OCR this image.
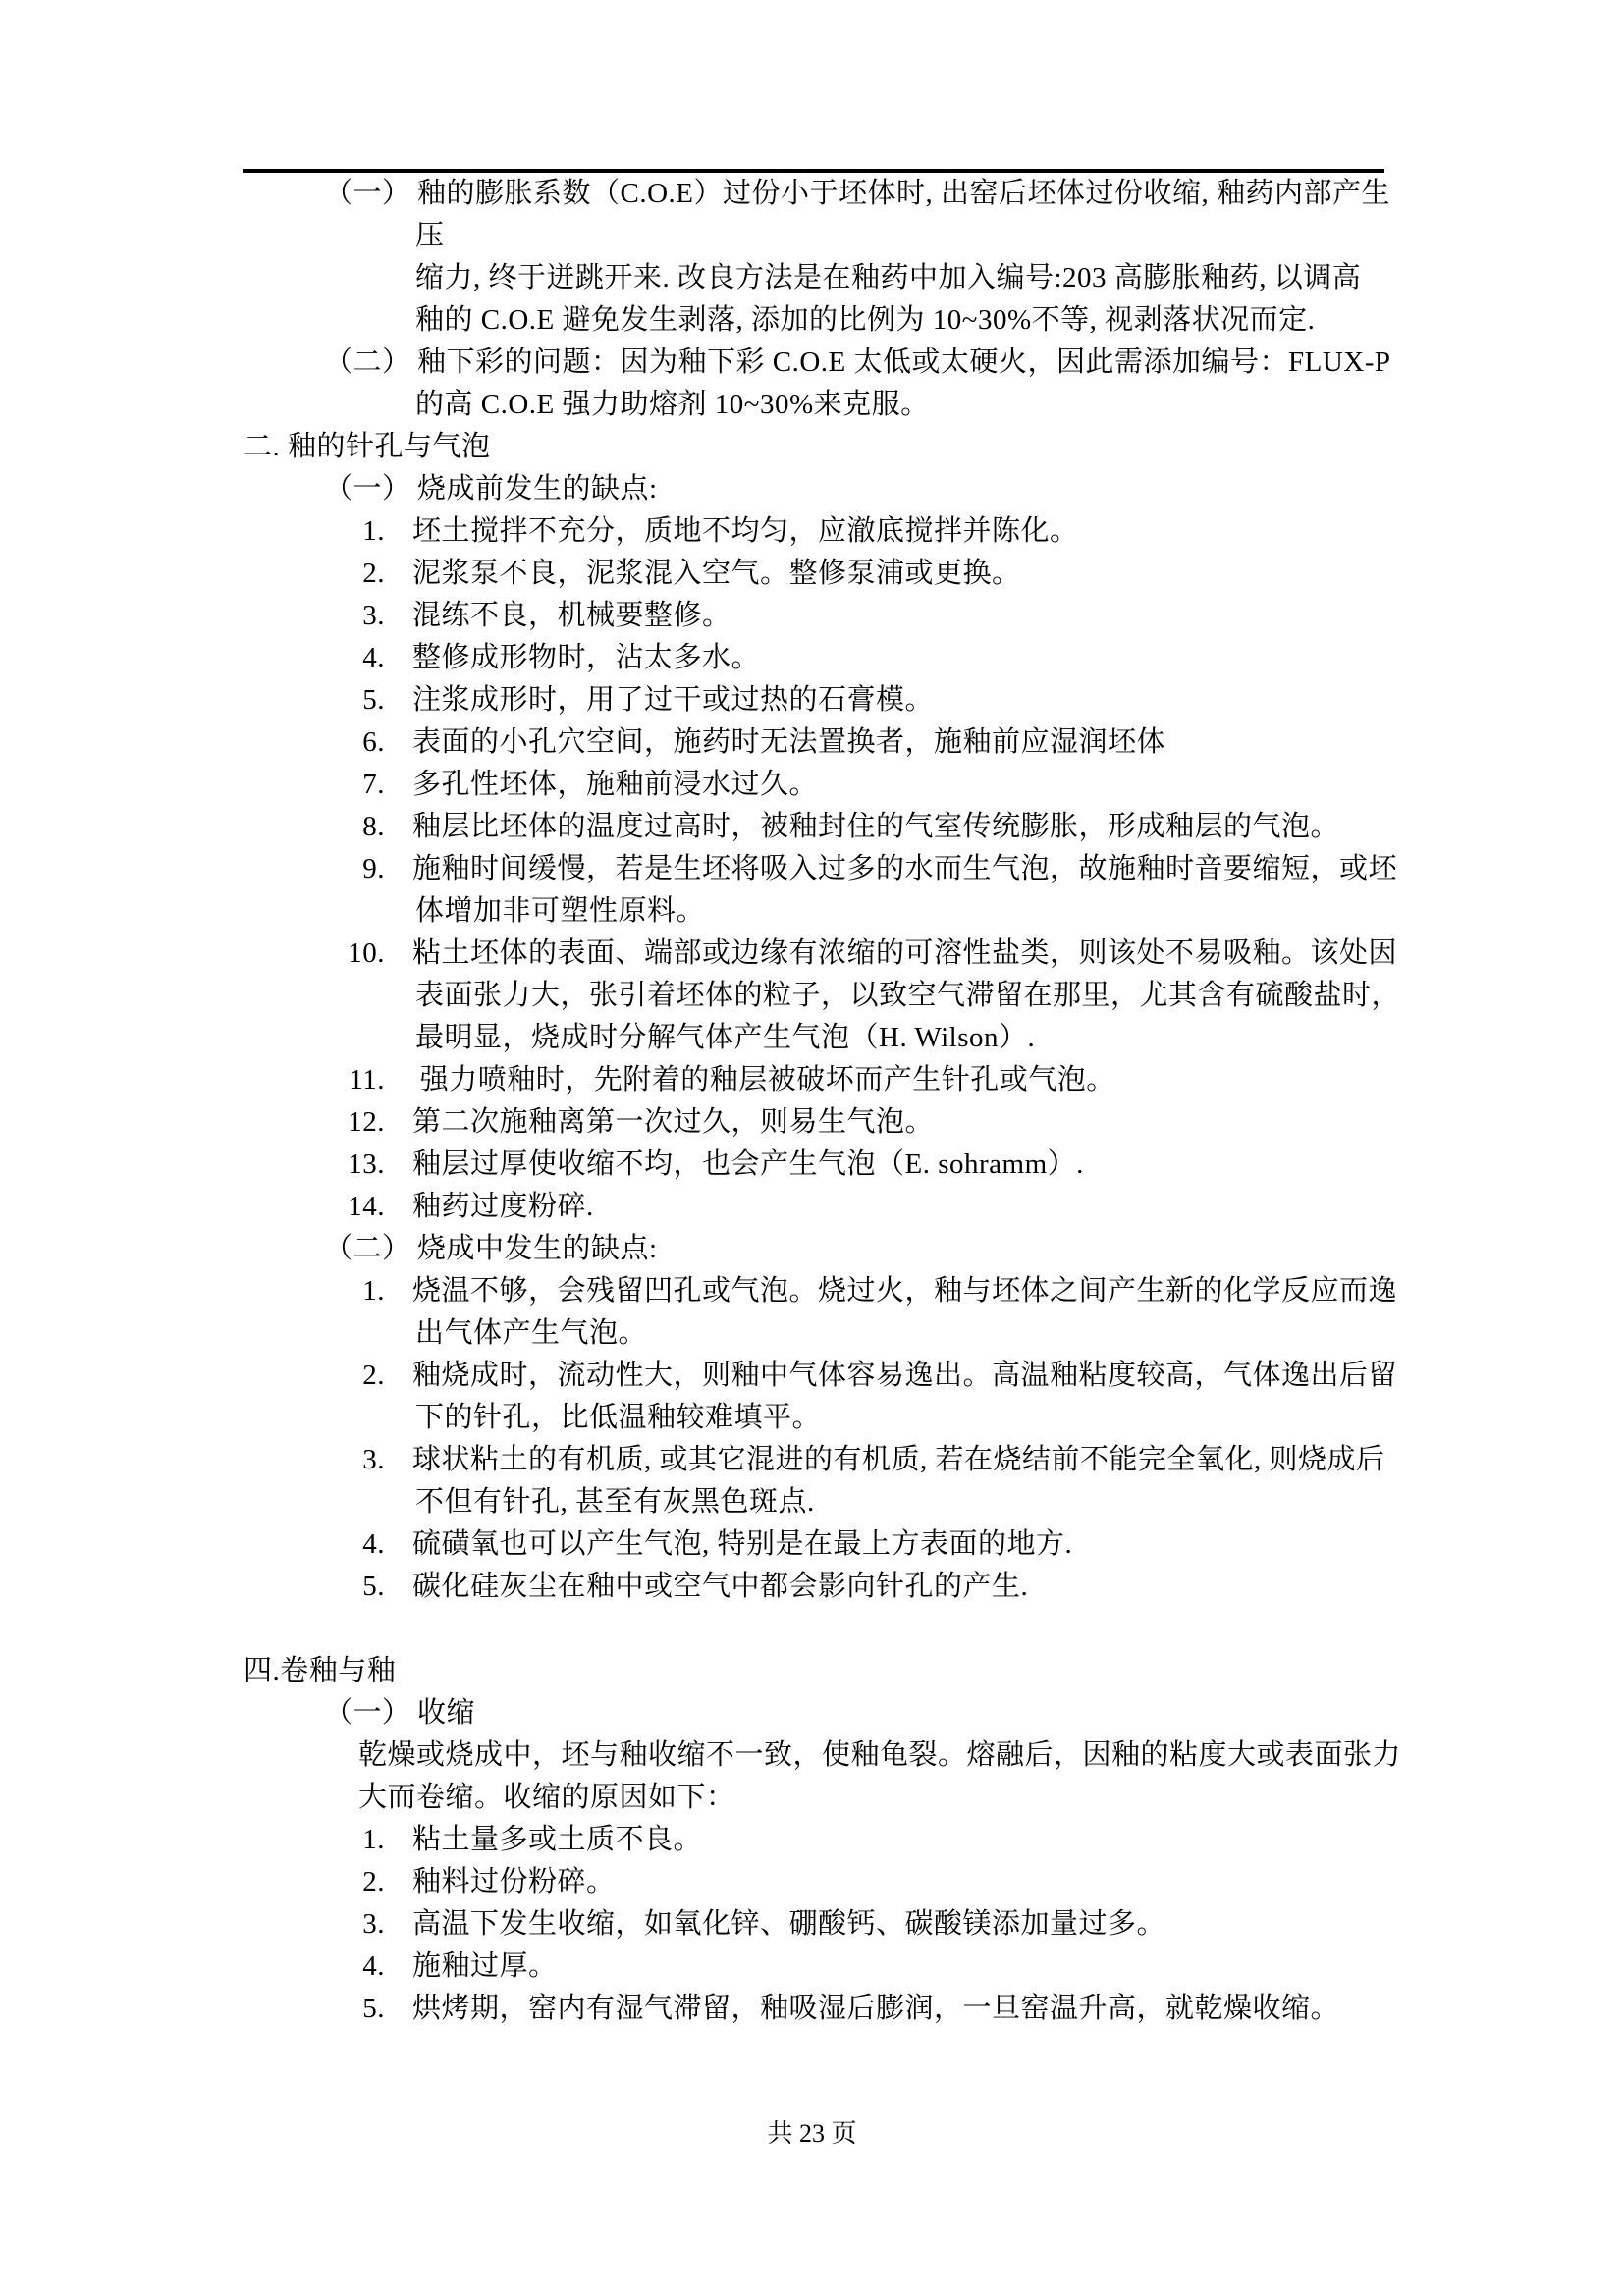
（一） 釉的膨胀系数（C.O.E）过份小于坯体时, 出窑后坯体过份收缩, 釉药内部产生
压
缩力, 终于迸跳开来. 改良方法是在釉药中加入编号:203 高膨胀釉药, 以调高
釉的 C.O.E 避免发生剥落, 添加的比例为 10~30%不等, 视剥落状况而定.
（二） 釉下彩的问题：因为釉下彩 C.O.E 太低或太硬火，因此需添加编号：FLUX-P
的高 C.O.E 强力助熔剂 10~30%来克服。
二. 釉的针孔与气泡
（一） 烧成前发生的缺点:
1. 坯土搅拌不充分，质地不均匀，应澈底搅拌并陈化。
2. 泥浆泵不良，泥浆混入空气。整修泵浦或更换。
3. 混练不良，机械要整修。
4. 整修成形物时，沾太多水。
5. 注浆成形时，用了过干或过热的石膏模。
6. 表面的小孔穴空间，施药时无法置换者，施釉前应湿润坯体
7. 多孔性坯体，施釉前浸水过久。
8. 釉层比坯体的温度过高时，被釉封住的气室传统膨胀，形成釉层的气泡。
9. 施釉时间缓慢，若是生坯将吸入过多的水而生气泡，故施釉时音要缩短，或坯
体增加非可塑性原料。
10. 粘土坯体的表面、端部或边缘有浓缩的可溶性盐类，则该处不易吸釉。该处因
表面张力大，张引着坯体的粒子，以致空气滞留在那里，尤其含有硫酸盐时，
最明显，烧成时分解气体产生气泡（H. Wilson）.
11. 强力喷釉时，先附着的釉层被破坏而产生针孔或气泡。
12. 第二次施釉离第一次过久，则易生气泡。
13. 釉层过厚使收缩不均，也会产生气泡（E. sohramm）.
14. 釉药过度粉碎.
（二） 烧成中发生的缺点:
1. 烧温不够，会残留凹孔或气泡。烧过火，釉与坯体之间产生新的化学反应而逸
出气体产生气泡。
2. 釉烧成时，流动性大，则釉中气体容易逸出。高温釉粘度较高，气体逸出后留
下的针孔，比低温釉较难填平。
3. 球状粘土的有机质, 或其它混进的有机质, 若在烧结前不能完全氧化, 则烧成后
不但有针孔, 甚至有灰黑色斑点.
4. 硫磺氧也可以产生气泡, 特别是在最上方表面的地方.
5. 碳化硅灰尘在釉中或空气中都会影向针孔的产生.
四.卷釉与釉
（一） 收缩
乾燥或烧成中，坯与釉收缩不一致，使釉龟裂。熔融后，因釉的粘度大或表面张力
大而卷缩。收缩的原因如下：
1. 粘土量多或土质不良。
2. 釉料过份粉碎。
3. 高温下发生收缩，如氧化锌、硼酸钙、碳酸镁添加量过多。
4. 施釉过厚。
5. 烘烤期，窑内有湿气滞留，釉吸湿后膨润，一旦窑温升高，就乾燥收缩。
共 23 页
